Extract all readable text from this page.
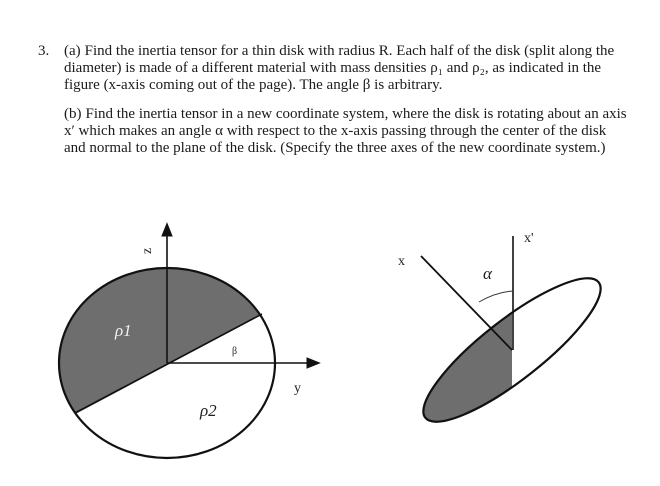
3. (a) Find the inertia tensor for a thin disk with radius R. Each half of the disk (split along the diameter) is made of a different material with mass densities ρ₁ and ρ₂, as indicated in the figure (x-axis coming out of the page). The angle β is arbitrary.
(b) Find the inertia tensor in a new coordinate system, where the disk is rotating about an axis x′ which makes an angle α with respect to the x-axis passing through the center of the disk and normal to the plane of the disk. (Specify the three axes of the new coordinate system.)
z
y
ρ1
ρ2
β
x
x'
α
